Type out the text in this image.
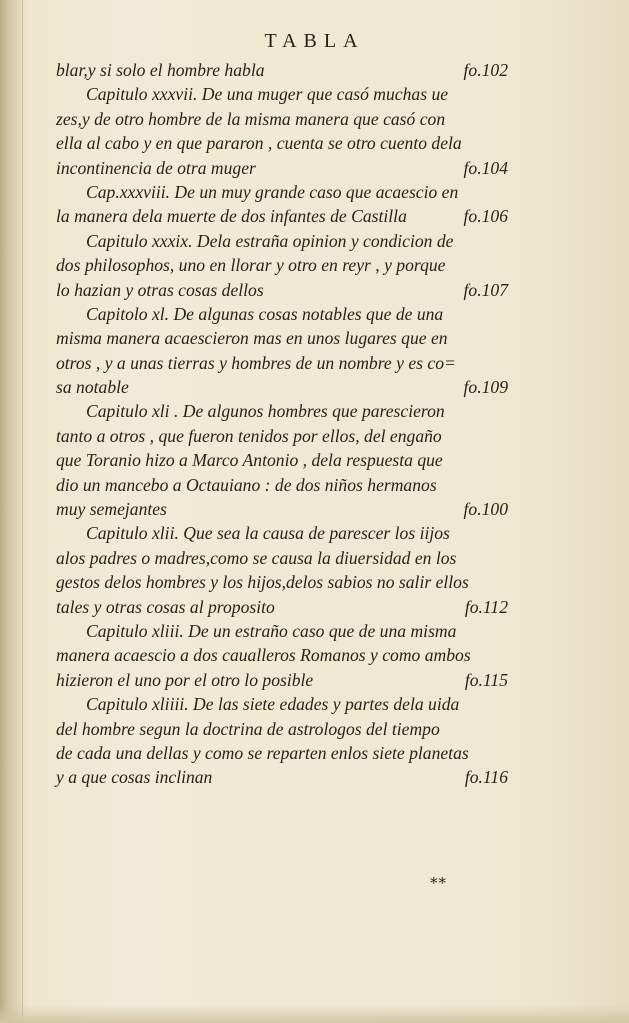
TABLA
blar,y si solo el hombre habla	fo.102
Capitulo xxxvii. De una muger que casó muchas ue
zes,y de otro hombre de la misma manera que casó con
ella al cabo y en que pararon , cuenta se otro cuento dela
incontinencia de otra muger	fo.104
Cap.xxxviii. De un muy grande caso que acaescio en
la manera dela muerte de dos infantes de Castilla	fo.106
Capitulo xxxix. Dela estraña opinion y condicion de
dos philosophos, uno en llorar y otro en reyr , y porque
lo hazian y otras cosas dellos	fo.107
Capitolo xl. De algunas cosas notables que de una
misma manera acaescieron mas en unos lugares que en
otros , y a unas tierras y hombres de un nombre y es co=
sa notable	fo.109
Capitulo xli . De algunos hombres que parescieron
tanto a otros , que fueron tenidos por ellos, del engaño
que Toranio hizo a Marco Antonio , dela respuesta que
dio un mancebo a Octauiano : de dos niños hermanos
muy semejantes	fo.100
Capitulo xlii. Que sea la causa de parescer los iijos
alos padres o madres,como se causa la diuersidad en los
gestos delos hombres y los hijos,delos sabios no salir ellos
tales y otras cosas al proposito	fo.112
Capitulo xliii. De un estraño caso que de una misma
manera acaescio a dos caualleros Romanos y como ambos
hizieron el uno por el otro lo posible	fo.115
Capitulo xliiii. De las siete edades y partes dela uida
del hombre segun la doctrina de astrologos del tiempo
de cada una dellas y como se reparten enlos siete planetas
y a que cosas inclinan	fo.116
**
